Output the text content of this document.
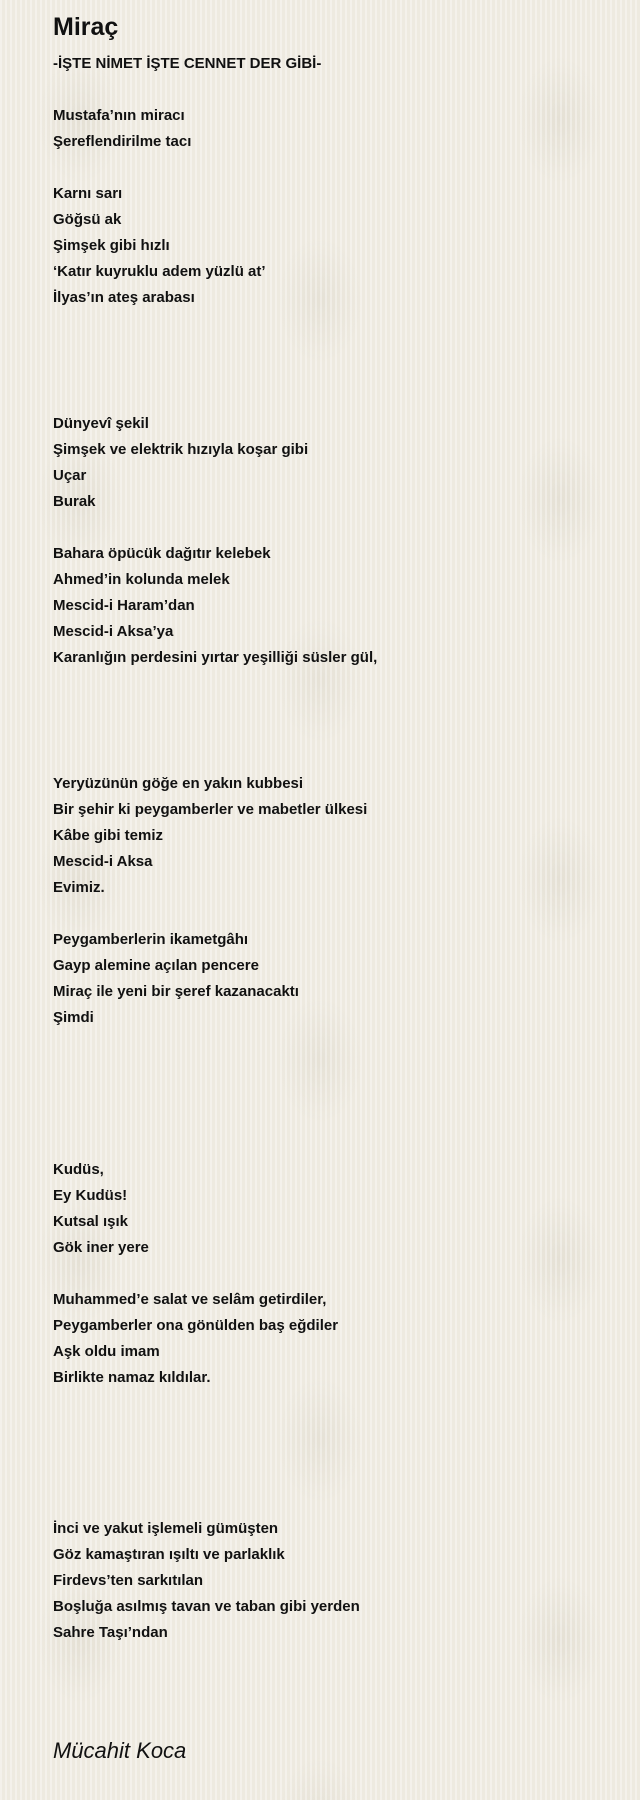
Miraç
-İŞTE NİMET İŞTE CENNET DER GİBİ-
Mustafa’nın miracı
Şereflendirilme tacı
Karnı sarı
Göğsü ak
Şimşek gibi hızlı
‘Katır kuyruklu adem yüzlü at’
İlyas’ın ateş arabası
Dünyevî şekil
Şimşek ve elektrik hızıyla koşar gibi
Uçar
Burak
Bahara öpücük dağıtır kelebek
Ahmed’in kolunda melek
Mescid-i Haram’dan
Mescid-i Aksa’ya
Karanlığın perdesini yırtar yeşilliği süsler gül,
Yeryüzünün göğe en yakın kubbesi
Bir şehir ki peygamberler ve mabetler ülkesi
Kâbe gibi temiz
Mescid-i Aksa
Evimiz.
Peygamberlerin ikametgâhı
Gayp alemine açılan pencere
Miraç ile yeni bir şeref kazanacaktı
Şimdi
Kudüs,
Ey Kudüs!
Kutsal ışık
Gök iner yere
Muhammed’e salat ve selâm getirdiler,
Peygamberler ona gönülden baş eğdiler
Aşk oldu imam
Birlikte namaz kıldılar.
İnci ve yakut işlemeli gümüşten
Göz kamaştıran ışıltı ve parlaklık
Firdevs’ten sarkıtılan
Boşluğa asılmış tavan ve taban gibi yerden
Sahre Taşı’ndan
Mücahit Koca
